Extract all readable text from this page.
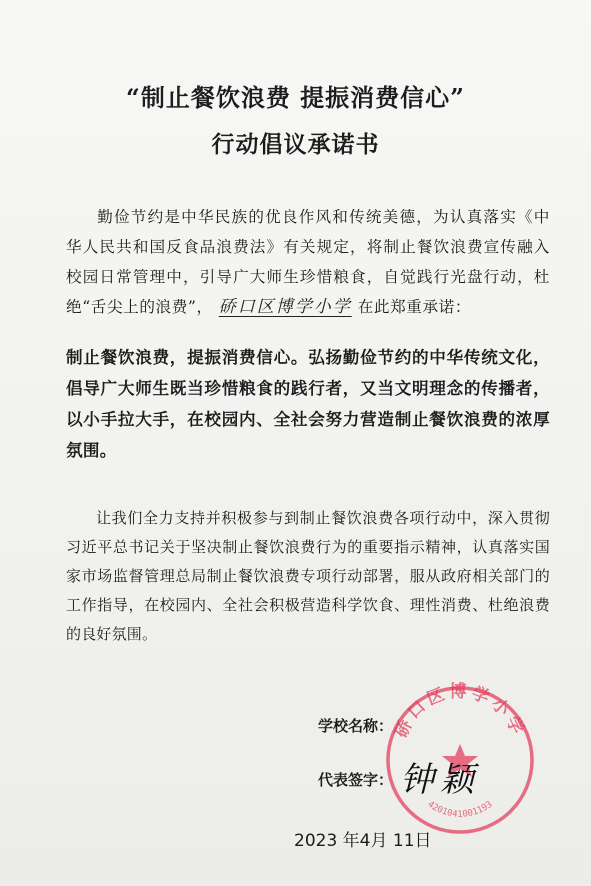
“制止餐饮浪费 提振消费信心”
行动倡议承诺书
勤俭节约是中华民族的优良作风和传统美德，为认真落实《中华人民共和国反食品浪费法》有关规定，将制止餐饮浪费宣传融入校园日常管理中，引导广大师生珍惜粮食，自觉践行光盘行动，杜绝“舌尖上的浪费”， 硚口区博学小学 在此郑重承诺：
制止餐饮浪费，提振消费信心。弘扬勤俭节约的中华传统文化，倡导广大师生既当珍惜粮食的践行者，又当文明理念的传播者，以小手拉大手，在校园内、全社会努力营造制止餐饮浪费的浓厚氛围。
让我们全力支持并积极参与到制止餐饮浪费各项行动中，深入贯彻习近平总书记关于坚决制止餐饮浪费行为的重要指示精神，认真落实国家市场监督管理总局制止餐饮浪费专项行动部署，服从政府相关部门的工作指导，在校园内、全社会积极营造科学饮食、理性消费、杜绝浪费的良好氛围。
硚口区博学小学
4201041001193
学校名称：
代表签字： 钟颖
2023 年4月 11日
